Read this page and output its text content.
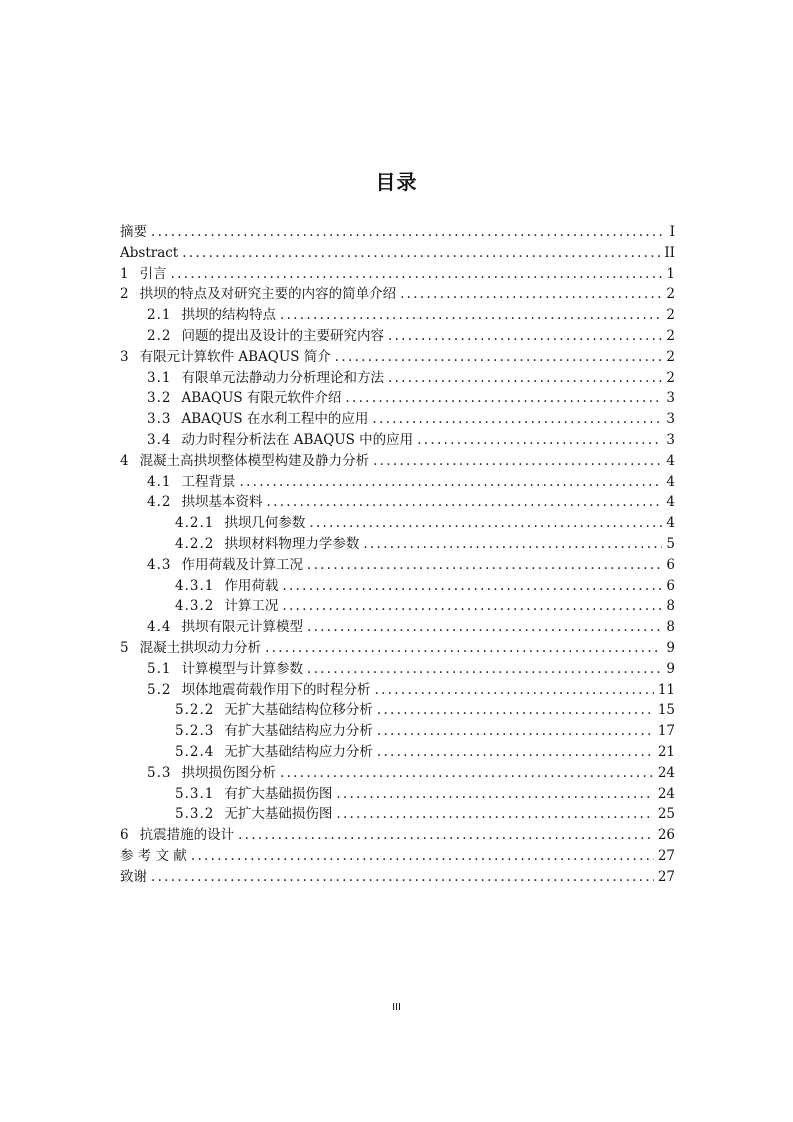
目录
摘要 .....	I
Abstract .....	II
1 引言 .....	1
2 拱坝的特点及对研究主要的内容的简单介绍 .....	2
2.1 拱坝的结构特点 .....	2
2.2 问题的提出及设计的主要研究内容 .....	2
3 有限元计算软件 ABAQUS 简介 .....	2
3.1 有限单元法静动力分析理论和方法 .....	2
3.2 ABAQUS 有限元软件介绍 .....	3
3.3 ABAQUS 在水利工程中的应用 .....	3
3.4 动力时程分析法在 ABAQUS 中的应用 .....	3
4 混凝土高拱坝整体模型构建及静力分析 .....	4
4.1 工程背景 .....	4
4.2 拱坝基本资料 .....	4
4.2.1 拱坝几何参数 .....	4
4.2.2 拱坝材料物理力学参数 .....	5
4.3 作用荷载及计算工况 .....	6
4.3.1 作用荷载 .....	6
4.3.2 计算工况 .....	8
4.4 拱坝有限元计算模型 .....	8
5 混凝土拱坝动力分析 .....	9
5.1 计算模型与计算参数 .....	9
5.2 坝体地震荷载作用下的时程分析 .....	11
5.2.2 无扩大基础结构位移分析 .....	15
5.2.3 有扩大基础结构应力分析 .....	17
5.2.4 无扩大基础结构应力分析 .....	21
5.3 拱坝损伤图分析 .....	24
5.3.1 有扩大基础损伤图 .....	24
5.3.2 无扩大基础损伤图 .....	25
6 抗震措施的设计 .....	26
参 考 文 献 .....	27
致谢 .....	27
III
